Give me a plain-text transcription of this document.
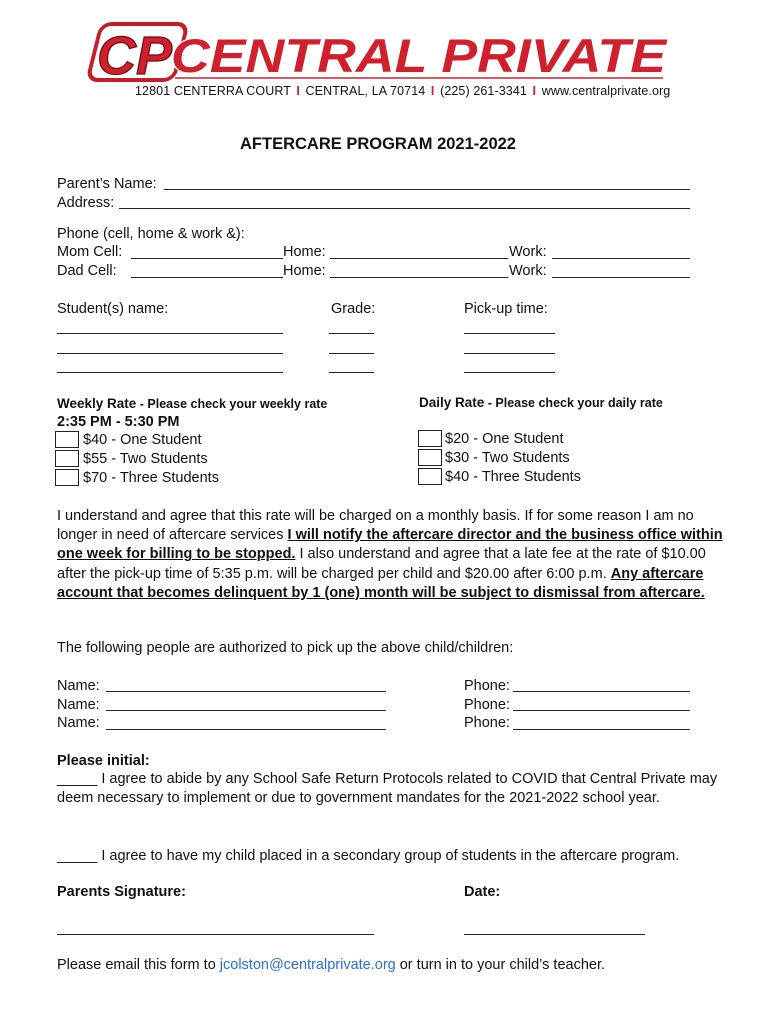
CP
CENTRAL PRIVATE
12801 CENTERRA COURT I CENTRAL, LA 70714 I (225) 261-3341 I www.centralprivate.org
AFTERCARE PROGRAM 2021-2022
Parent’s Name:
Address:
Phone (cell, home & work &):
Mom Cell:	Home:	Work:
Dad Cell:	Home:	Work:
Student(s) name:	Grade:	Pick-up time:
Weekly Rate - Please check your weekly rate
2:35 PM - 5:30 PM
$40 - One Student
$55 - Two Students
$70 - Three Students
Daily Rate - Please check your daily rate
$20 - One Student
$30 - Two Students
$40 - Three Students
I understand and agree that this rate will be charged on a monthly basis. If for some reason I am no longer in need of aftercare services I will notify the aftercare director and the business office within one week for billing to be stopped. I also understand and agree that a late fee at the rate of $10.00 after the pick-up time of 5:35 p.m. will be charged per child and $20.00 after 6:00 p.m. Any aftercare account that becomes delinquent by 1 (one) month will be subject to dismissal from aftercare.
The following people are authorized to pick up the above child/children:
Name:	Phone:
Name:	Phone:
Name:	Phone:
Please initial:
_____ I agree to abide by any School Safe Return Protocols related to COVID that Central Private may deem necessary to implement or due to government mandates for the 2021-2022 school year.
_____ I agree to have my child placed in a secondary group of students in the aftercare program.
Parents Signature:	Date:
Please email this form to jcolston@centralprivate.org or turn in to your child’s teacher.
